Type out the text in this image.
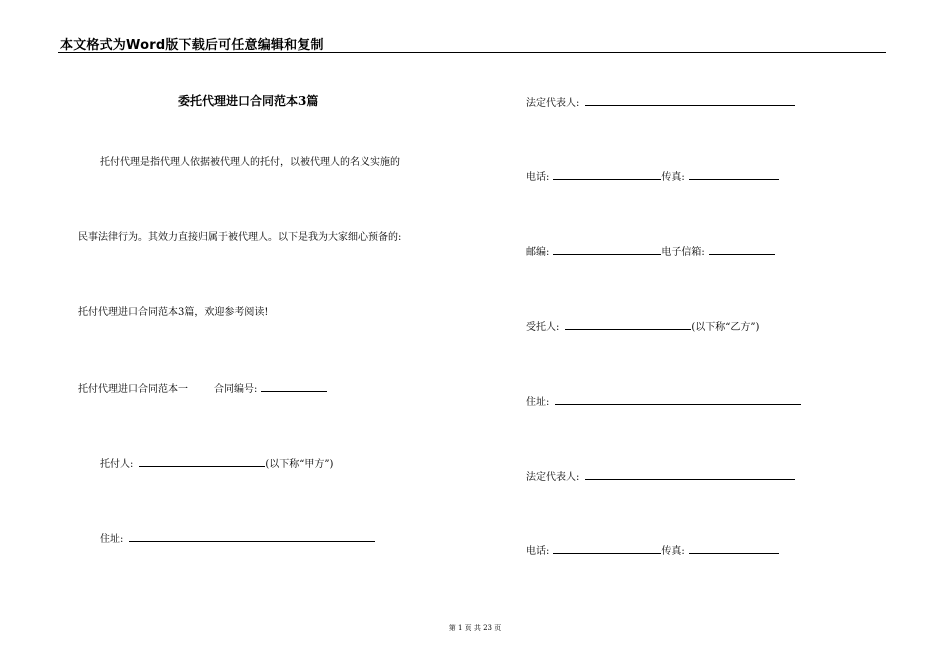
本文格式为Word版下载后可任意编辑和复制
委托代理进口合同范本3篇
托付代理是指代理人依据被代理人的托付，以被代理人的名义实施的
民事法律行为。其效力直接归属于被代理人。以下是我为大家细心预备的:
托付代理进口合同范本3篇，欢迎参考阅读!
托付代理进口合同范本一	合同编号:
托付人:	(以下称“甲方”)
住址:
法定代表人:
电话:	传真:
邮编:	电子信箱:
受托人:	(以下称“乙方”)
住址:
法定代表人:
电话:	传真:
第 1 页 共 23 页
